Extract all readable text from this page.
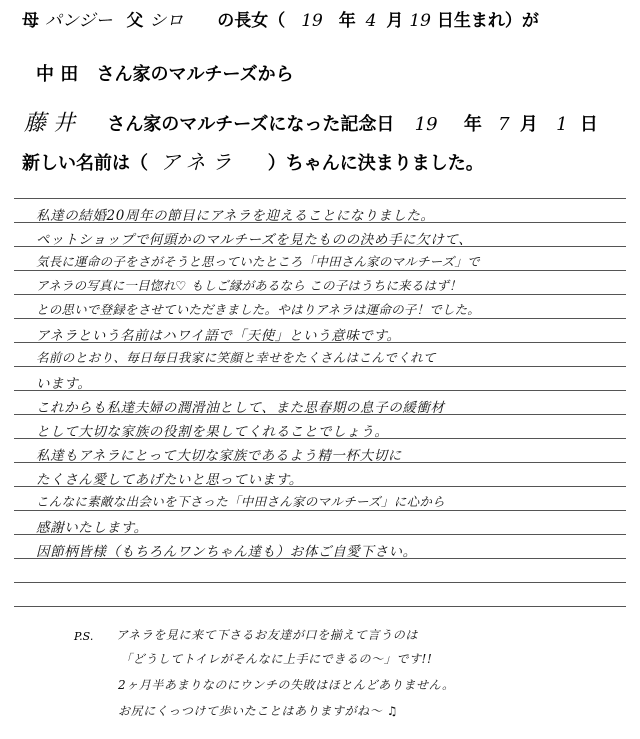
母 パンジー 父 シロ の長女（ 19 年 4 月 19 日生まれ）が
中 田 さん家のマルチーズから
藤 井 さん家のマルチーズになった記念日 19 年 7 月 1 日
新しい名前は（ アネラ ）ちゃんに決まりました。
私達の結婚20周年の節目にアネラを迎えることになりました。
ペットショップで何頭かのマルチーズを見たものの決め手に欠けて、
気長に運命の子をさがそうと思っていたところ「中田さん家のマルチーズ」で
アネラの写真に一目惚れ♡ もしご縁があるなら この子はうちに来るはず！
との思いで登録をさせていただきました。やはりアネラは運命の子！でした。
アネラという名前はハワイ語で「天使」という意味です。
名前のとおり、毎日毎日我家に笑顔と幸せをたくさんはこんでくれて
います。
これからも私達夫婦の潤滑油として、また思春期の息子の緩衝材
として大切な家族の役割を果してくれることでしょう。
私達もアネラにとって大切な家族であるよう精一杯大切に
たくさん愛してあげたいと思っています。
こんなに素敵な出会いを下さった「中田さん家のマルチーズ」に心から
感謝いたします。
因節柄皆様（もちろんワンちゃん達も）お体ご自愛下さい。
P.S. アネラを見に来て下さるお友達が口を揃えて言うのは
「どうしてトイレがそんなに上手にできるの〜」です!!
2ヶ月半あまりなのにウンチの失敗はほとんどありません。
お尻にくっつけて歩いたことはありますがね〜 ♫
